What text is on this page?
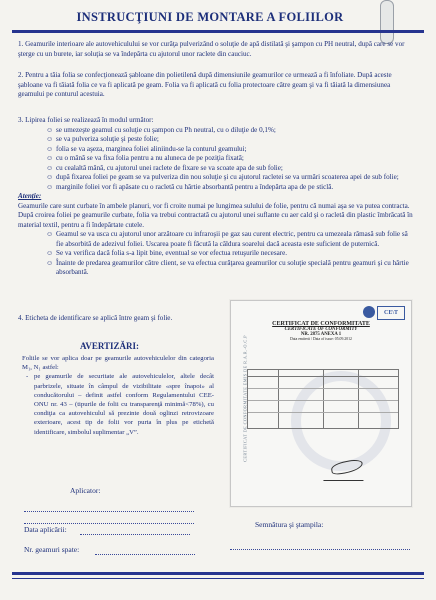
INSTRUCŢIUNI DE MONTARE A FOLIILOR

1. Geamurile interioare ale autovehiculului se vor curăţa pulverizând o soluţie de apă distilată şi şampon cu PH neutral, după care se vor şterge cu un burete, iar soluţia se va îndepărta cu ajutorul unor raclete din cauciuc.

2. Pentru a tăia folia se confecţionează şabloane din polietilenă după dimensiunile geamurilor ce urmează a fi înfoliate. După aceste şabloane va fi tăiată folia ce va fi aplicată pe geam. Folia va fi aplicată cu folia protectoare către geam şi va fi tăiată la dimensiunea geamului pe conturul acestuia.

3. Lipirea foliei se realizează în modul următor:

☺ se umezeşte geamul cu soluţie cu şampon cu Ph neutral, cu o diluţie de 0,1%;
☺ se va pulveriza soluţie şi peste folie;
☺ folia se va aşeza, marginea foliei aliniindu-se la conturul geamului;
☺ cu o mână se va fixa folia pentru a nu aluneca de pe poziţia fixată;
☺ cu cealaltă mână, cu ajutorul unei raclete de fixare se va scoate apa de sub folie;
☺ după fixarea foliei pe geam se va pulveriza din nou soluţie şi cu ajutorul racletei se va urmări scoaterea apei de sub folie;
☺ marginile foliei vor fi apăsate cu o racletă cu hârtie absorbantă pentru a îndepărta apa de pe sticlă.

Atenţie:

Geamurile care sunt curbate în ambele planuri, vor fi croite numai pe lungimea sulului de folie, pentru că numai aşa se va putea contracta. După croirea foliei pe geamurile curbate, folia va trebui contractată cu ajutorul unei suflante cu aer cald şi o racletă din plastic îmbrăcată în material textil, pentru a fi îndepărtate cutele.

☺ Geamul se va usca cu ajutorul unor arzătoare cu infraroşii pe gaz sau curent electric, pentru ca umezeala rămasă sub folie să fie absorbită de adezivul foliei. Uscarea poate fi făcută la căldura soarelui dacă aceasta este suficient de puternică.
☺ Se va verifica dacă folia s-a lipit bine, eventual se vor efectua retuşurile necesare.
☺ Înainte de predarea geamurilor către client, se va efectua curăţarea geamurilor cu soluţie specială pentru geamuri şi cu hârtie absorbantă.

4. Eticheta de identificare se aplică între geam şi folie.

AVERTIZĂRI:

Foliile se vor aplica doar pe geamurile autovehiculelor din categoria M₁, N₁ astfel:

- pe geamurile de securitate ale autovehiculelor, altele decât parbrizele, situate în câmpul de vizibilitate «spre înapoi» al conducătorului – definit astfel conform Regulamentului CEE-ONU nr. 43 – (tipurile de folii cu transparenţă minimă<78%), cu condiţia ca autovehiculul să prezinte două oglinzi retrovizoare exterioare, acest tip de folii vor purta în plus pe etichetă identificare, simbolul suplimentar „V”.	CERTIFICAT DE CONFORMITATE EMIS DE R.A.R.-O.C.P
CE\T
CERTIFICAT DE CONFORMITATE
CERTIFICATE OF CONFORMITY
NR. 2875 ANEXA 1
Data emiterii / Data of issue: 05.09.2012
Aplicator:
Data aplicării:
Semnătura şi ştampila:
Nr. geamuri spate:
